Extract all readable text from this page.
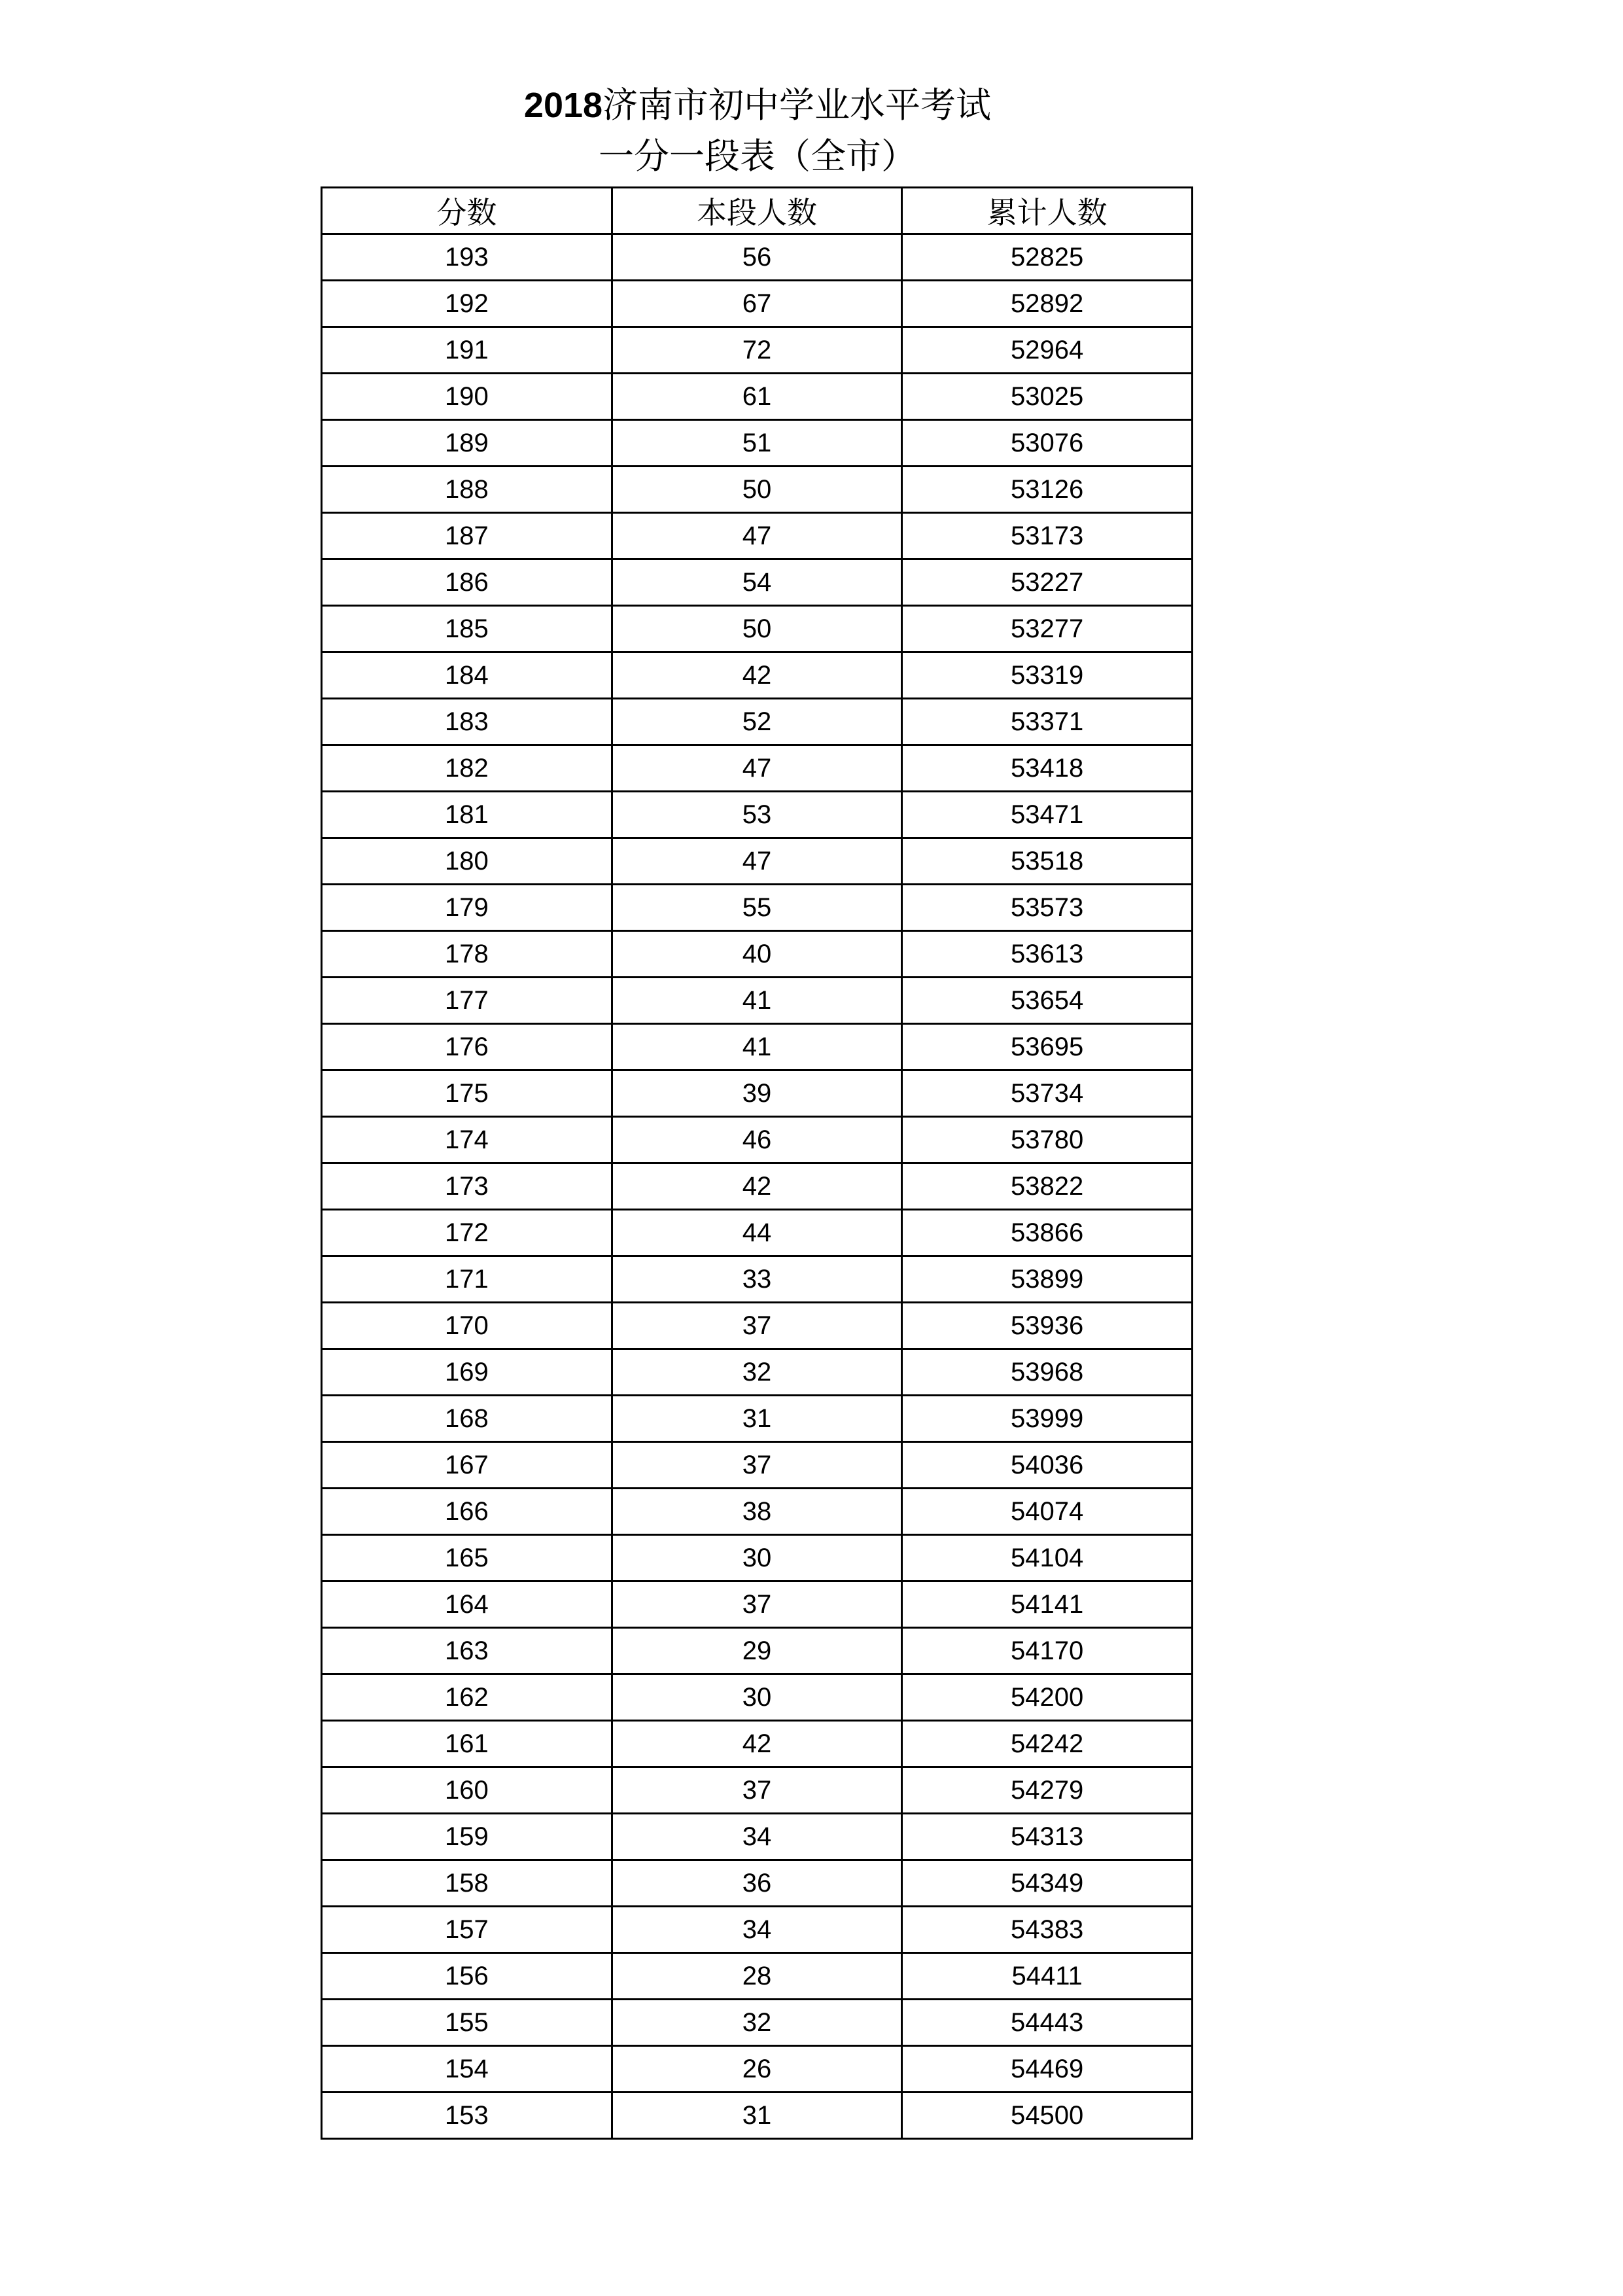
2018济南市初中学业水平考试
一分一段表（全市）
分数	本段人数	累计人数
193	56	52825
192	67	52892
191	72	52964
190	61	53025
189	51	53076
188	50	53126
187	47	53173
186	54	53227
185	50	53277
184	42	53319
183	52	53371
182	47	53418
181	53	53471
180	47	53518
179	55	53573
178	40	53613
177	41	53654
176	41	53695
175	39	53734
174	46	53780
173	42	53822
172	44	53866
171	33	53899
170	37	53936
169	32	53968
168	31	53999
167	37	54036
166	38	54074
165	30	54104
164	37	54141
163	29	54170
162	30	54200
161	42	54242
160	37	54279
159	34	54313
158	36	54349
157	34	54383
156	28	54411
155	32	54443
154	26	54469
153	31	54500
